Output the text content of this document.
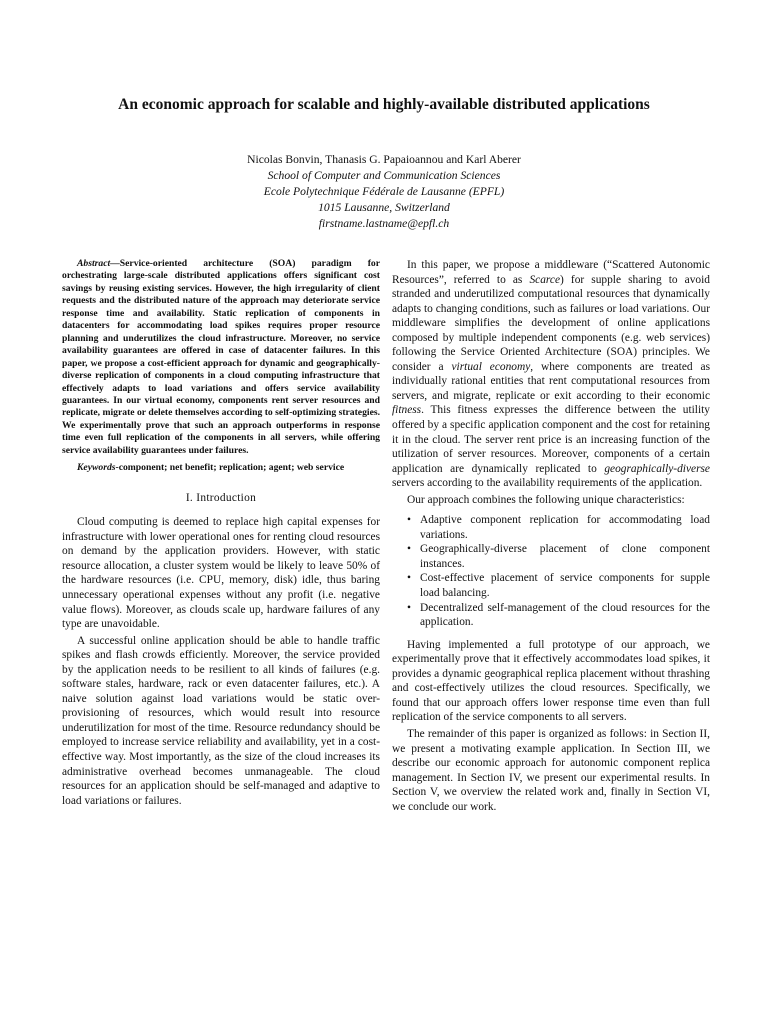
An economic approach for scalable and highly-available distributed applications
Nicolas Bonvin, Thanasis G. Papaioannou and Karl Aberer
School of Computer and Communication Sciences
Ecole Polytechnique Fédérale de Lausanne (EPFL)
1015 Lausanne, Switzerland
firstname.lastname@epfl.ch

Abstract—Service-oriented architecture (SOA) paradigm for orchestrating large-scale distributed applications offers significant cost savings by reusing existing services. However, the high irregularity of client requests and the distributed nature of the approach may deteriorate service response time and availability. Static replication of components in datacenters for accommodating load spikes requires proper resource planning and underutilizes the cloud infrastructure. Moreover, no service availability guarantees are offered in case of datacenter failures. In this paper, we propose a cost-efficient approach for dynamic and geographically-diverse replication of components in a cloud computing infrastructure that effectively adapts to load variations and offers service availability guarantees. In our virtual economy, components rent server resources and replicate, migrate or delete themselves according to self-optimizing strategies. We experimentally prove that such an approach outperforms in response time even full replication of the components in all servers, while offering service availability guarantees under failures.

Keywords-component; net benefit; replication; agent; web service

I. Introduction

Cloud computing is deemed to replace high capital expenses for infrastructure with lower operational ones for renting cloud resources on demand by the application providers. However, with static resource allocation, a cluster system would be likely to leave 50% of the hardware resources (i.e. CPU, memory, disk) idle, thus baring unnecessary operational expenses without any profit (i.e. negative value flows). Moreover, as clouds scale up, hardware failures of any type are unavoidable.

A successful online application should be able to handle traffic spikes and flash crowds efficiently. Moreover, the service provided by the application needs to be resilient to all kinds of failures (e.g. software stales, hardware, rack or even datacenter failures, etc.). A naive solution against load variations would be static over-provisioning of resources, which would result into resource underutilization for most of the time. Resource redundancy should be employed to increase service reliability and availability, yet in a cost-effective way. Most importantly, as the size of the cloud increases its administrative overhead becomes unmanageable. The cloud resources for an application should be self-managed and adaptive to load variations or failures.

In this paper, we propose a middleware (“Scattered Autonomic Resources”, referred to as Scarce) for supple sharing to avoid stranded and underutilized computational resources that dynamically adapts to changing conditions, such as failures or load variations. Our middleware simplifies the development of online applications composed by multiple independent components (e.g. web services) following the Service Oriented Architecture (SOA) principles. We consider a virtual economy, where components are treated as individually rational entities that rent computational resources from servers, and migrate, replicate or exit according to their economic fitness. This fitness expresses the difference between the utility offered by a specific application component and the cost for retaining it in the cloud. The server rent price is an increasing function of the utilization of server resources. Moreover, components of a certain application are dynamically replicated to geographically-diverse servers according to the availability requirements of the application.

Our approach combines the following unique characteristics:

• Adaptive component replication for accommodating load variations.
• Geographically-diverse placement of clone component instances.
• Cost-effective placement of service components for supple load balancing.
• Decentralized self-management of the cloud resources for the application.

Having implemented a full prototype of our approach, we experimentally prove that it effectively accommodates load spikes, it provides a dynamic geographical replica placement without thrashing and cost-effectively utilizes the cloud resources. Specifically, we found that our approach offers lower response time even than full replication of the service components to all servers.

The remainder of this paper is organized as follows: in Section II, we present a motivating example application. In Section III, we describe our economic approach for autonomic component replica management. In Section IV, we present our experimental results. In Section V, we overview the related work and, finally in Section VI, we conclude our work.
